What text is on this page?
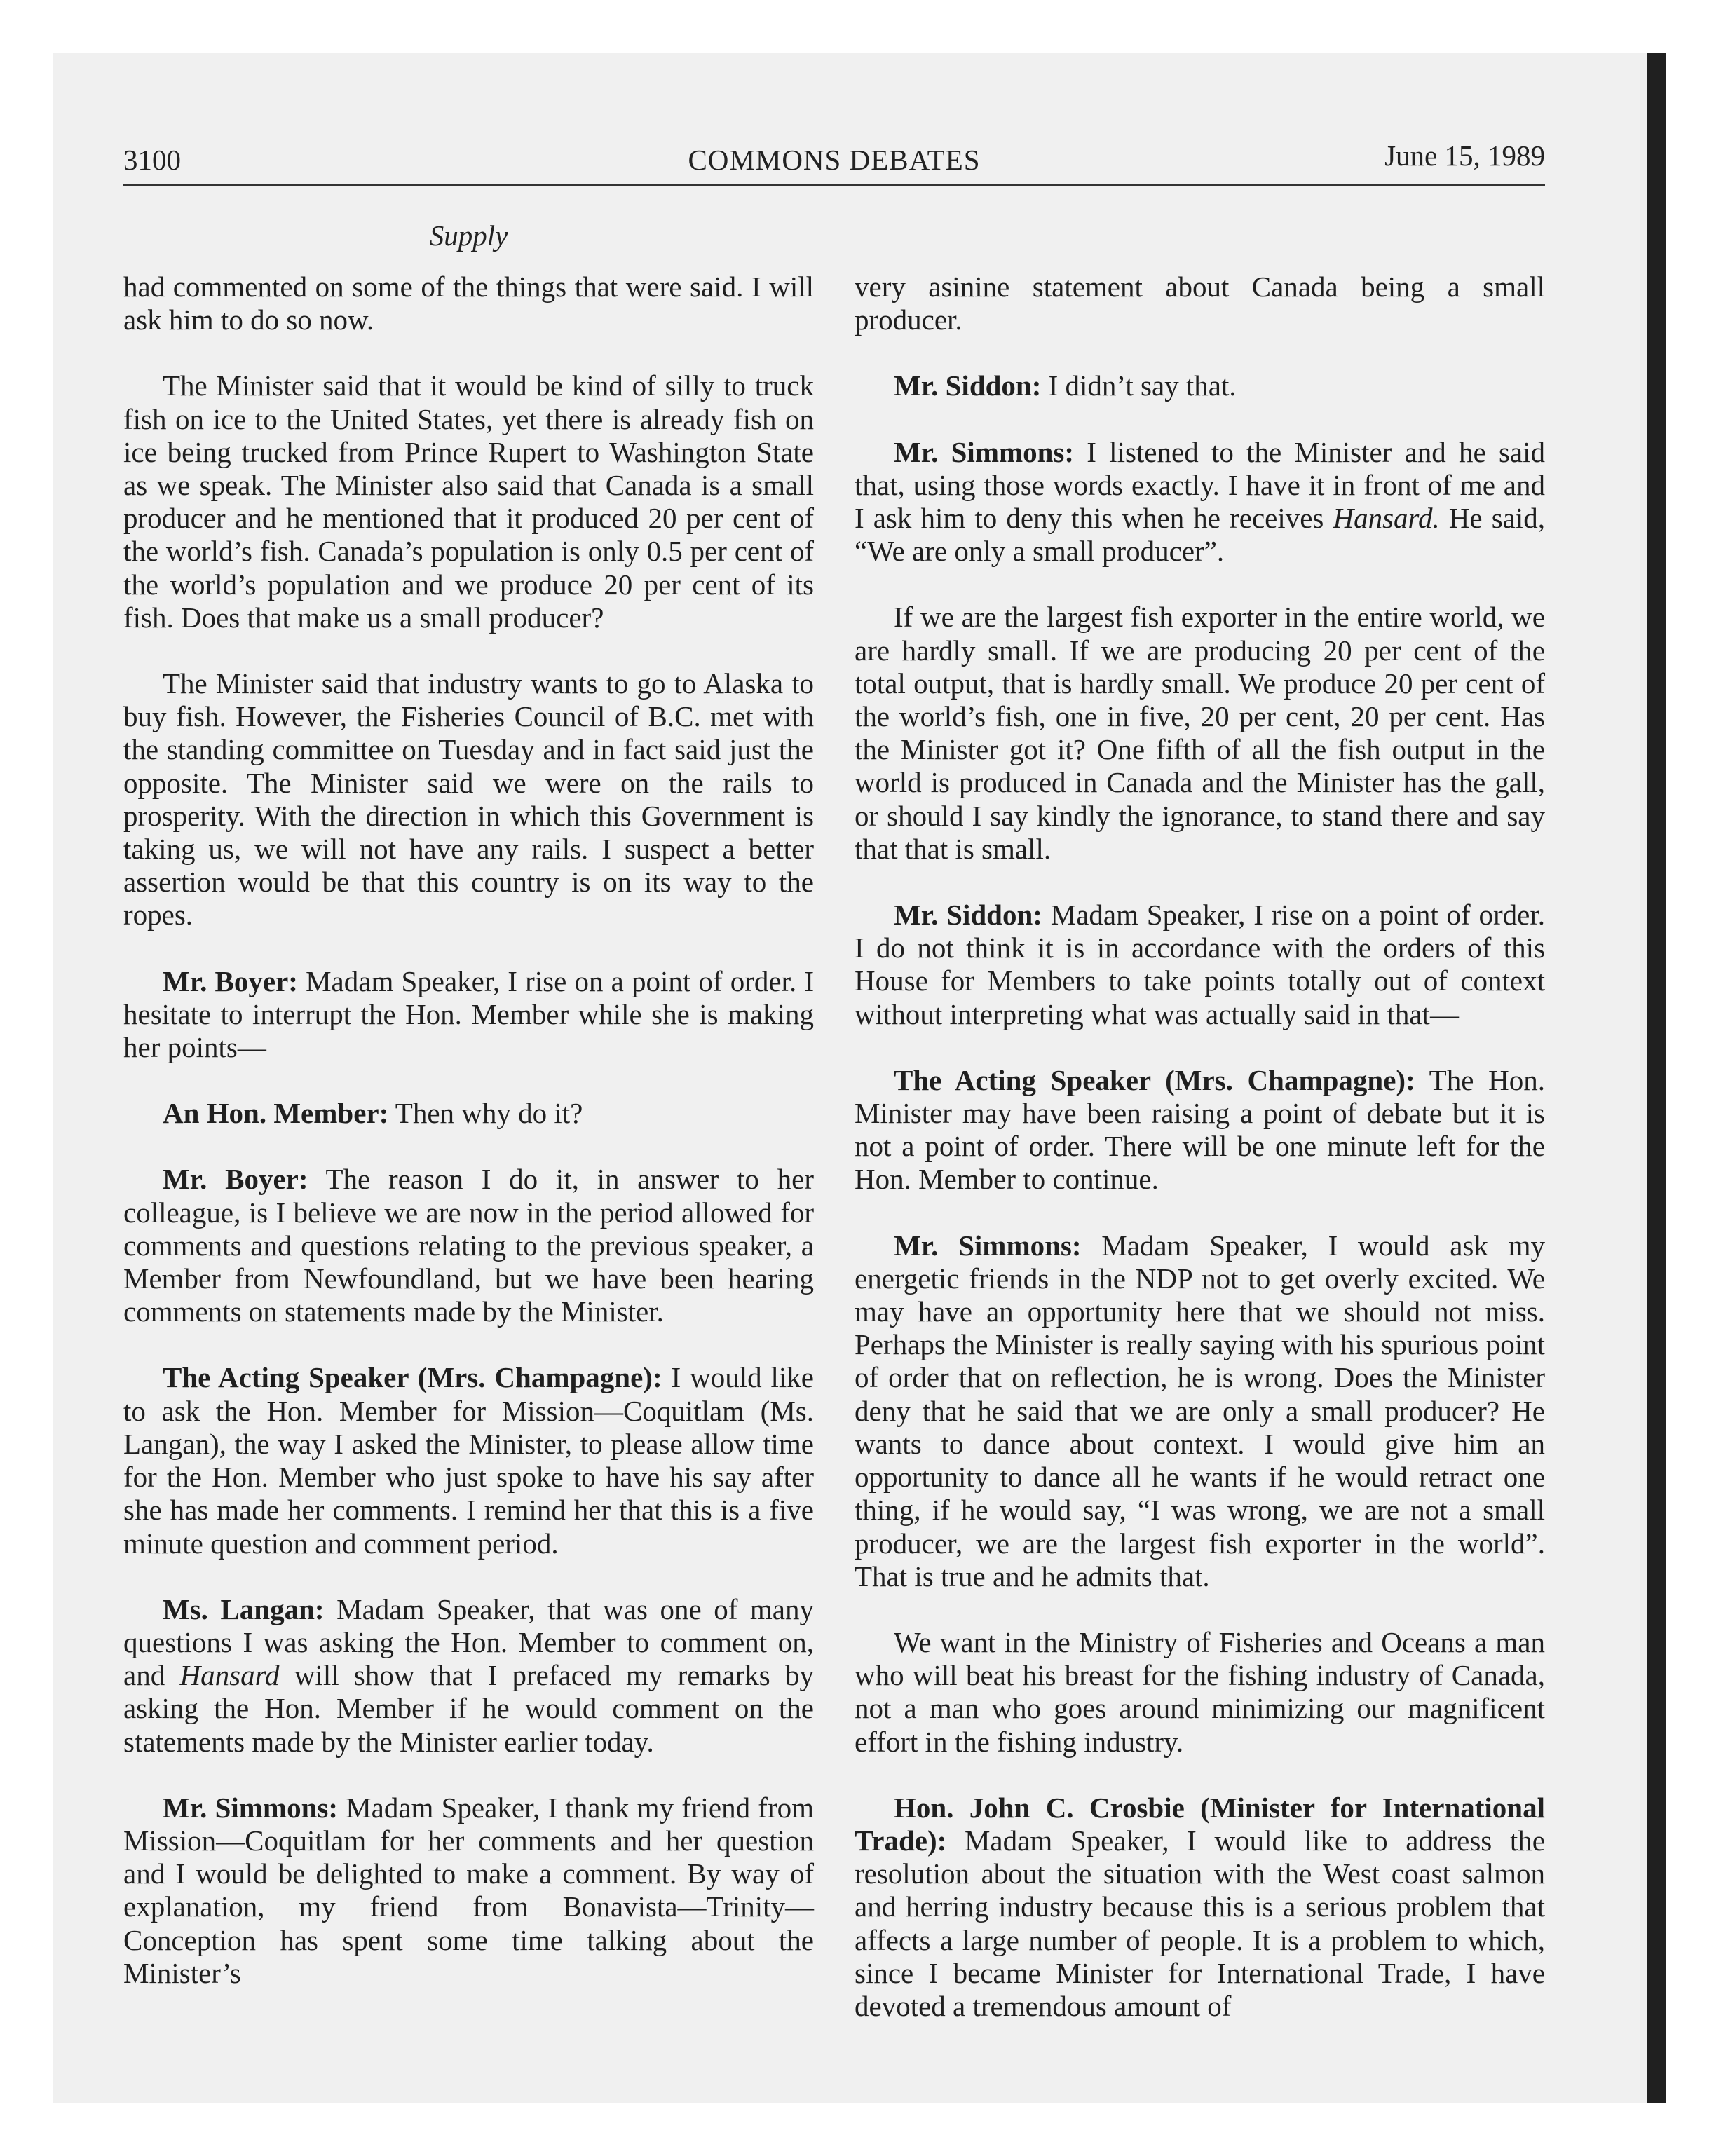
3100	COMMONS DEBATES	June 15, 1989
Supply

had commented on some of the things that were said. I will ask him to do so now.

The Minister said that it would be kind of silly to truck fish on ice to the United States, yet there is already fish on ice being trucked from Prince Rupert to Washington State as we speak. The Minister also said that Canada is a small producer and he mentioned that it produced 20 per cent of the world’s fish. Canada’s population is only 0.5 per cent of the world’s population and we produce 20 per cent of its fish. Does that make us a small producer?

The Minister said that industry wants to go to Alaska to buy fish. However, the Fisheries Council of B.C. met with the standing committee on Tuesday and in fact said just the opposite. The Minister said we were on the rails to prosperity. With the direction in which this Government is taking us, we will not have any rails. I suspect a better assertion would be that this country is on its way to the ropes.

Mr. Boyer: Madam Speaker, I rise on a point of order. I hesitate to interrupt the Hon. Member while she is making her points—

An Hon. Member: Then why do it?

Mr. Boyer: The reason I do it, in answer to her colleague, is I believe we are now in the period allowed for comments and questions relating to the previous speaker, a Member from Newfoundland, but we have been hearing comments on statements made by the Minister.

The Acting Speaker (Mrs. Champagne): I would like to ask the Hon. Member for Mission—Coquitlam (Ms. Langan), the way I asked the Minister, to please allow time for the Hon. Member who just spoke to have his say after she has made her comments. I remind her that this is a five minute question and comment period.

Ms. Langan: Madam Speaker, that was one of many questions I was asking the Hon. Member to comment on, and Hansard will show that I prefaced my remarks by asking the Hon. Member if he would comment on the statements made by the Minister earlier today.

Mr. Simmons: Madam Speaker, I thank my friend from Mission—Coquitlam for her comments and her question and I would be delighted to make a comment. By way of explanation, my friend from Bonavista—Trinity—Conception has spent some time talking about the Minister’s

very asinine statement about Canada being a small producer.

Mr. Siddon: I didn’t say that.

Mr. Simmons: I listened to the Minister and he said that, using those words exactly. I have it in front of me and I ask him to deny this when he receives Hansard. He said, “We are only a small producer”.

If we are the largest fish exporter in the entire world, we are hardly small. If we are producing 20 per cent of the total output, that is hardly small. We produce 20 per cent of the world’s fish, one in five, 20 per cent, 20 per cent. Has the Minister got it? One fifth of all the fish output in the world is produced in Canada and the Minister has the gall, or should I say kindly the ignorance, to stand there and say that that is small.

Mr. Siddon: Madam Speaker, I rise on a point of order. I do not think it is in accordance with the orders of this House for Members to take points totally out of context without interpreting what was actually said in that—

The Acting Speaker (Mrs. Champagne): The Hon. Minister may have been raising a point of debate but it is not a point of order. There will be one minute left for the Hon. Member to continue.

Mr. Simmons: Madam Speaker, I would ask my energetic friends in the NDP not to get overly excited. We may have an opportunity here that we should not miss. Perhaps the Minister is really saying with his spurious point of order that on reflection, he is wrong. Does the Minister deny that he said that we are only a small producer? He wants to dance about context. I would give him an opportunity to dance all he wants if he would retract one thing, if he would say, “I was wrong, we are not a small producer, we are the largest fish exporter in the world”. That is true and he admits that.

We want in the Ministry of Fisheries and Oceans a man who will beat his breast for the fishing industry of Canada, not a man who goes around minimizing our magnificent effort in the fishing industry.

Hon. John C. Crosbie (Minister for International Trade): Madam Speaker, I would like to address the resolution about the situation with the West coast salmon and herring industry because this is a serious problem that affects a large number of people. It is a problem to which, since I became Minister for International Trade, I have devoted a tremendous amount of
